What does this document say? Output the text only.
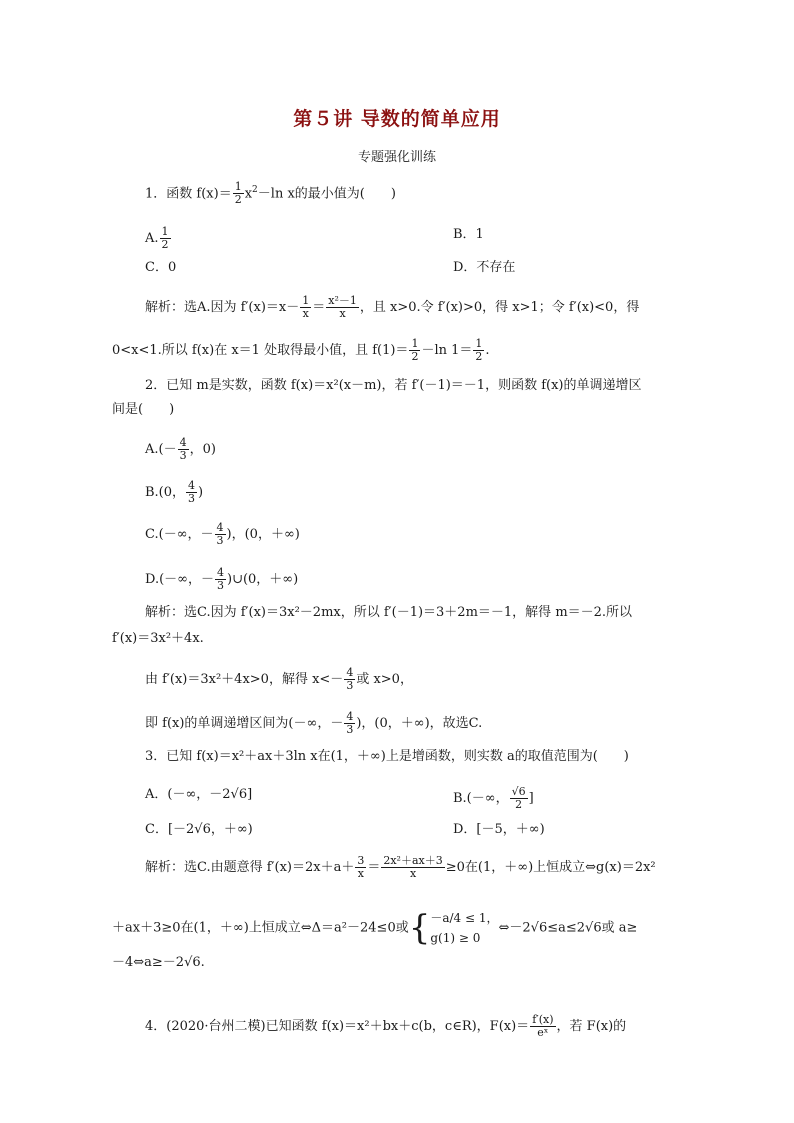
第５讲 导数的简单应用
专题强化训练
1．函数 $f(x)= \frac{1}{2} x^2-\ln$ x的最小值为(　　)
A. $\frac{1}{2}$	B．1
C．0	D．不存在
解析：选A.因为 $f'(x)=x- \frac{1}{x} = \frac{\text{x²－1}}{x}$ ，且 x>0.令 f′(x)>0，得 x>1；令 f′(x)<0，得
0<x<1.所以 f(x)在 x＝1 处取得最小值，且 $f(1)= \frac{1}{2} -\ln$ $1= \frac{1}{2}$ .
2．已知 m是实数，函数 f(x)＝x²(x－m)，若 f′(－1)＝－1，则函数 f(x)的单调递增区
间是(　　)
$A.(- \frac{4}{3}$ ，0)
B.(0， $\frac{4}{3}$ )
C.(－∞，－ $\frac{4}{3}$ )，(0，＋∞)
D.(－∞，－ $\frac{4}{3}$ )∪(0，＋∞)
解析：选C.因为 f′(x)＝3x²－2mx，所以 f′(－1)＝3＋2m＝－1，解得 m＝－2.所以
f′(x)＝3x²＋4x.
由 f′(x)＝3x²＋4x>0，解得 $x<- \frac{4}{3}$ 或 x>0，
即 f(x)的单调递增区间为(－∞，－ $\frac{4}{3}$ )，(0，＋∞)，故选C.
3．已知 f(x)＝x²＋ax＋3ln x在(1，＋∞)上是增函数，则实数 a的取值范围为(　　)
A．(－∞，－2√6]	B.(－∞， $\frac{√6}{2}$ ]
C．[－2√6，＋∞)	D．[－5，＋∞)
解析：选C.由题意得 $f'(x)=2x+a+ \frac{3}{x} = \frac{\text{2x²＋ax＋3}}{x} \ge 0$在(1，＋∞)上恒成立⇔g(x)＝2x²
＋ax＋3≥0在(1，＋∞)上恒成立⇔Δ＝a²－24≤0或 { －a/4 ≤ 1，
g(1) ≥ 0
⇔－2√6≤a≤2√6或 a≥
－4⇔a≥－2√6.
4．(2020·台州二模)已知函数 f(x)＝x²＋bx＋c(b，c∈R)，$F(x)= \frac{f'(x)}{\text{eˣ}}$ ，若 F(x)的
